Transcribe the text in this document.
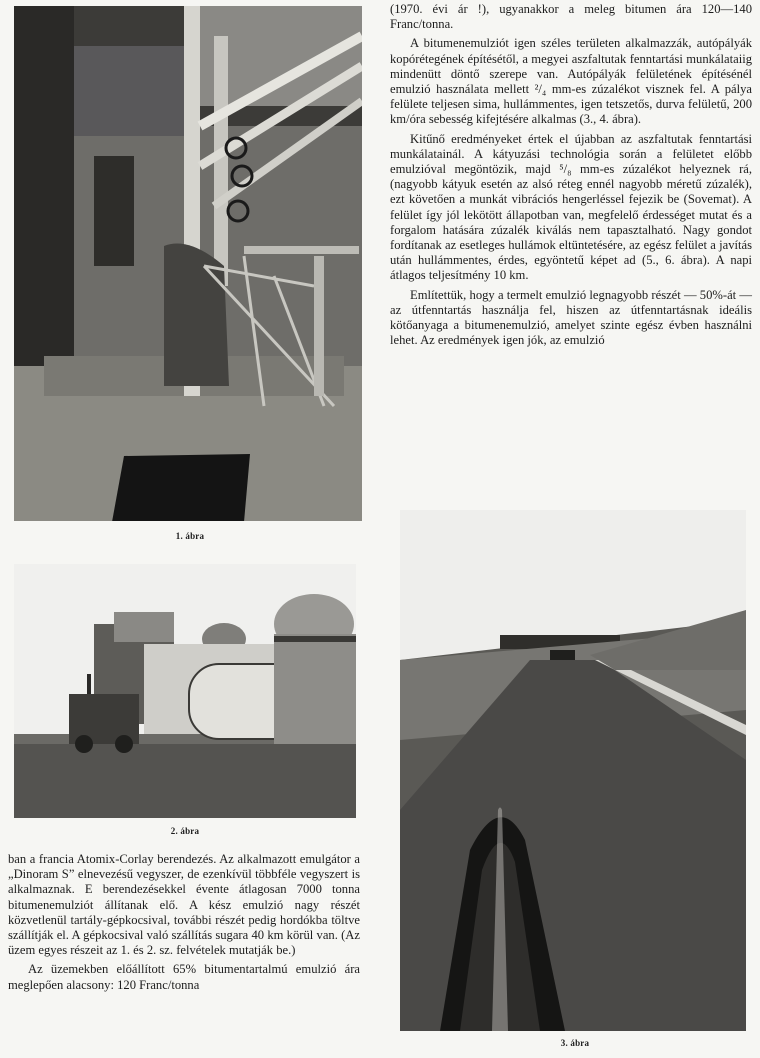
1. ábra
2. ábra
3. ábra

(1970. évi ár !), ugyanakkor a meleg bitumen ára 120—140 Franc/tonna.

A bitumenemulziót igen széles területen alkalmazzák, autópályák kopórétegének építésétől, a megyei aszfaltutak fenntartási munkálataiig mindenütt döntő szerepe van. Autópályák felületének építésénél emulzió használata mellett ²/₄ mm-es zúzalékot visznek fel. A pálya felülete teljesen sima, hullámmentes, igen tetszetős, durva felületű, 200 km/óra sebesség kifejtésére alkalmas (3., 4. ábra).

Kitűnő eredményeket értek el újabban az aszfaltutak fenntartási munkálatainál. A kátyuzási technológia során a felületet előbb emulzióval megöntözik, majd ⁵/₈ mm-es zúzalékot helyeznek rá, (nagyobb kátyuk esetén az alsó réteg ennél nagyobb méretű zúzalék), ezt követően a munkát vibrációs hengerléssel fejezik be (Sovemat). A felület így jól lekötött állapotban van, megfelelő érdességet mutat és a forgalom hatására zúzalék kiválás nem tapasztalható. Nagy gondot fordítanak az esetleges hullámok eltüntetésére, az egész felület a javítás után hullámmentes, érdes, egyöntetű képet ad (5., 6. ábra). A napi átlagos teljesítmény 10 km.

Említettük, hogy a termelt emulzió legnagyobb részét — 50%-át — az útfenntartás használja fel, hiszen az útfenntartásnak ideális kötőanyaga a bitumenemulzió, amelyet szinte egész évben használni lehet. Az eredmények igen jók, az emulzió

ban a francia Atomix-Corlay berendezés. Az alkalmazott emulgátor a „Dinoram S” elnevezésű vegyszer, de ezenkívül többféle vegyszert is alkalmaznak. E berendezésekkel évente átlagosan 7000 tonna bitumenemulziót állítanak elő. A kész emulzió nagy részét közvetlenül tartály-gépkocsival, további részét pedig hordókba töltve szállítják el. A gépkocsival való szállítás sugara 40 km körül van. (Az üzem egyes részeit az 1. és 2. sz. felvételek mutatják be.)

Az üzemekben előállított 65% bitumentartalmú emulzió ára meglepően alacsony: 120 Franc/tonna
